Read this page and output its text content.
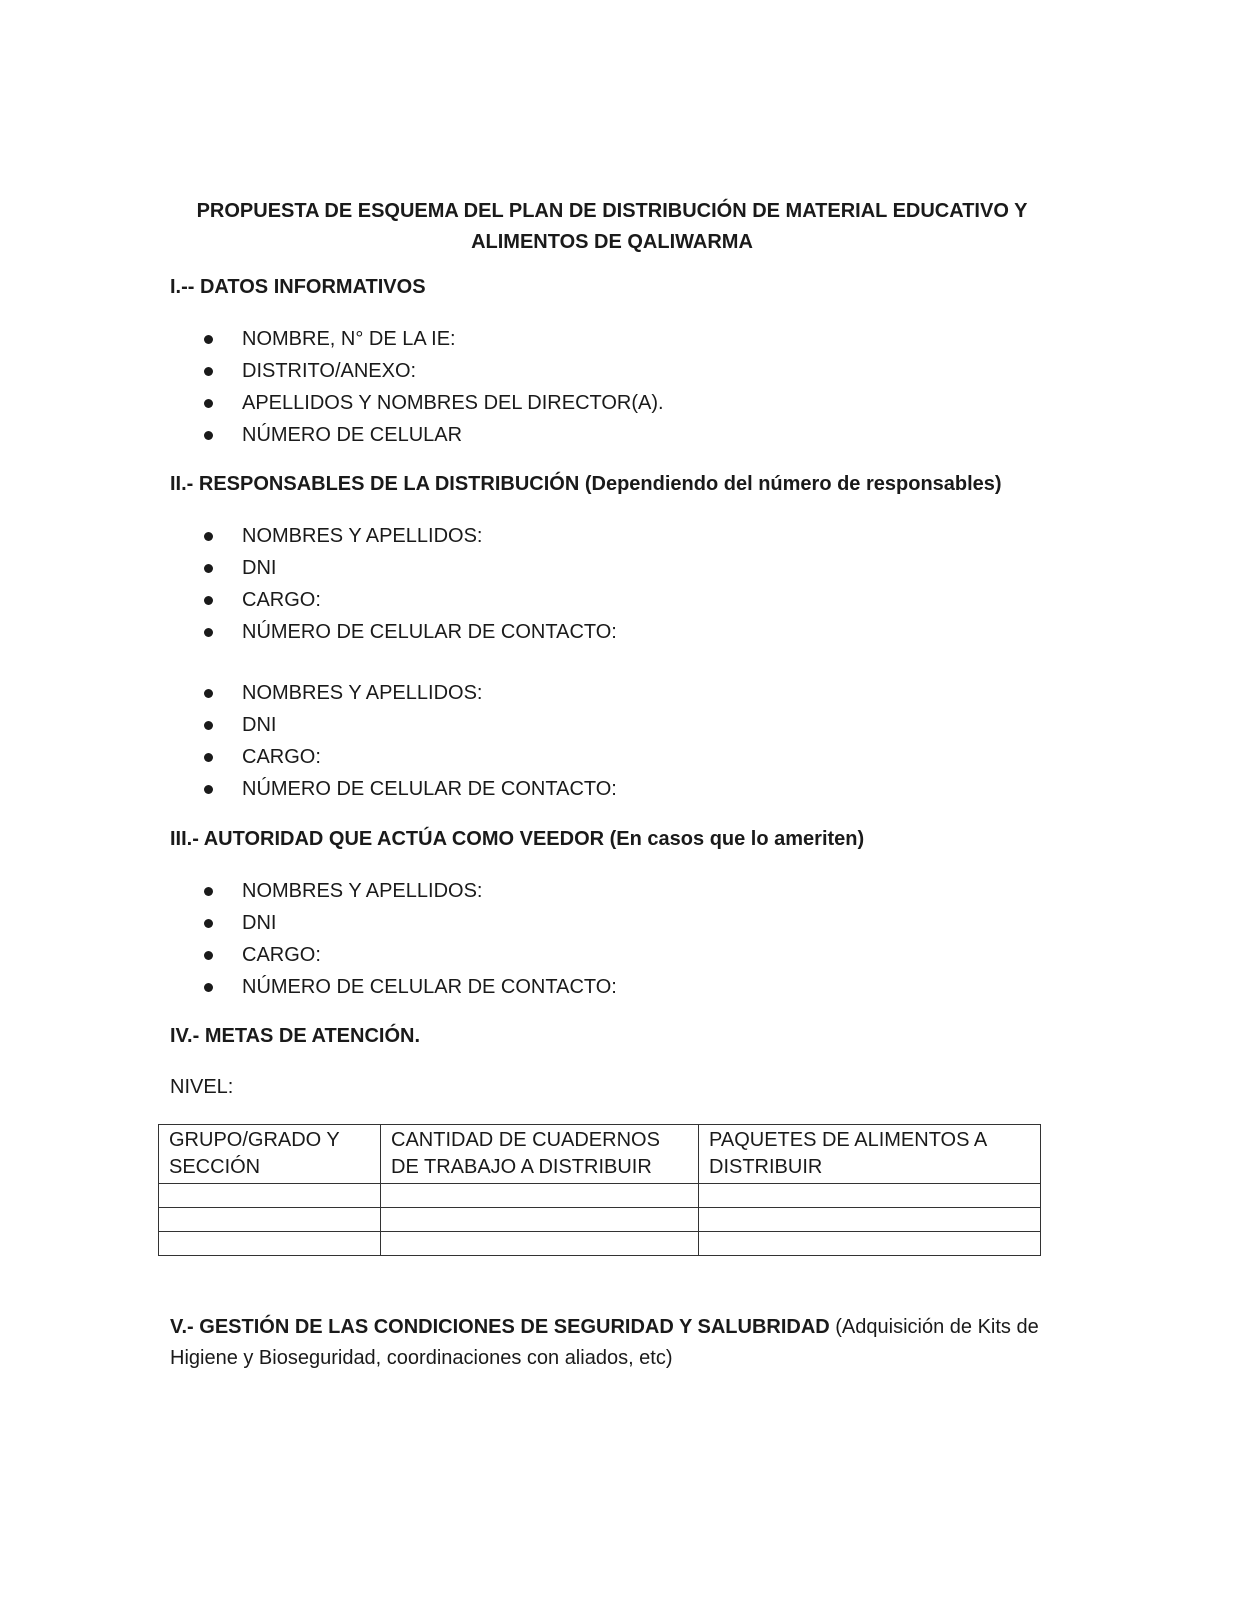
PROPUESTA DE ESQUEMA DEL PLAN DE DISTRIBUCIÓN DE MATERIAL EDUCATIVO Y ALIMENTOS DE QALIWARMA
I.-- DATOS INFORMATIVOS
NOMBRE, N° DE LA IE:
DISTRITO/ANEXO:
APELLIDOS Y NOMBRES DEL DIRECTOR(A).
NÚMERO DE CELULAR
II.- RESPONSABLES DE LA DISTRIBUCIÓN (Dependiendo del número de responsables)
NOMBRES Y APELLIDOS:
DNI
CARGO:
NÚMERO DE CELULAR DE CONTACTO:
NOMBRES Y APELLIDOS:
DNI
CARGO:
NÚMERO DE CELULAR DE CONTACTO:
III.- AUTORIDAD QUE ACTÚA COMO VEEDOR (En casos que lo ameriten)
NOMBRES Y APELLIDOS:
DNI
CARGO:
NÚMERO DE CELULAR DE CONTACTO:
IV.- METAS DE ATENCIÓN.
NIVEL:
GRUPO/GRADO Y SECCIÓN	CANTIDAD DE CUADERNOS DE TRABAJO A DISTRIBUIR	PAQUETES DE ALIMENTOS A DISTRIBUIR

V.- GESTIÓN DE LAS CONDICIONES DE SEGURIDAD Y SALUBRIDAD (Adquisición de Kits de Higiene y Bioseguridad, coordinaciones con aliados, etc)
